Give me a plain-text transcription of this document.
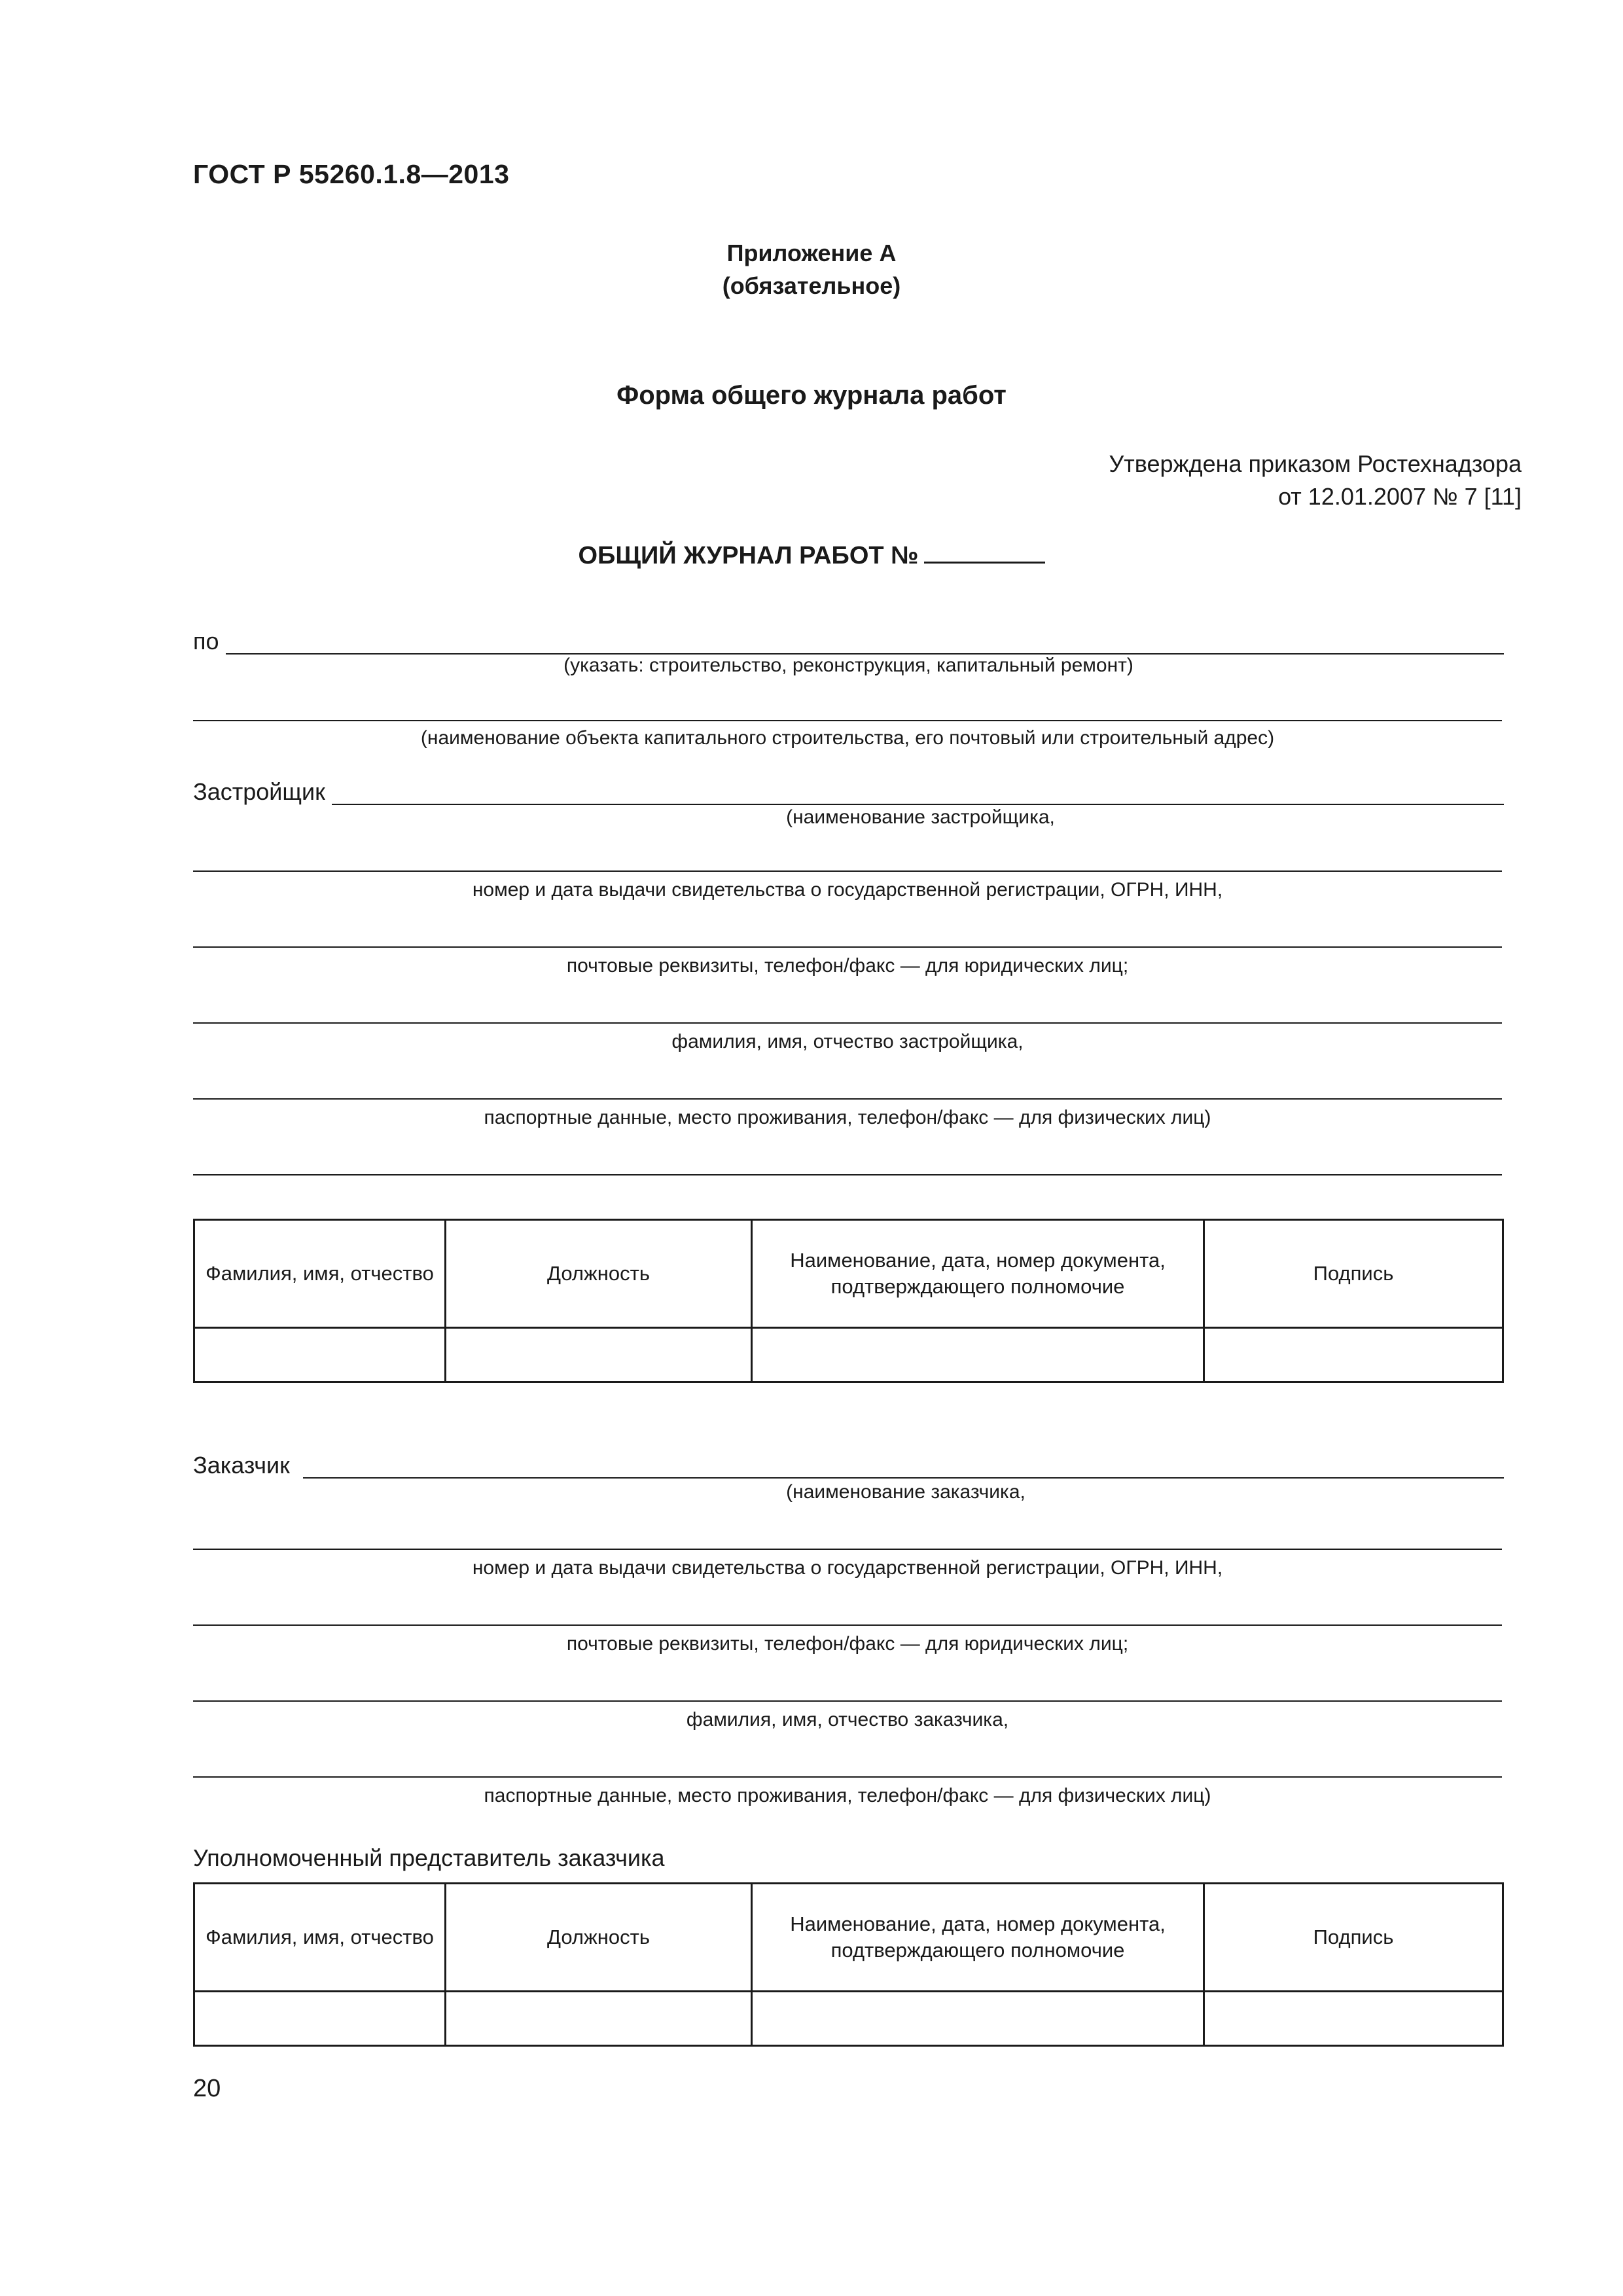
ГОСТ Р 55260.1.8—2013
Приложение А
(обязательное)
Форма общего журнала работ
Утверждена приказом Ростехнадзора
от 12.01.2007 № 7 [11]
ОБЩИЙ ЖУРНАЛ РАБОТ №
по
(указать: строительство, реконструкция, капитальный ремонт)
(наименование объекта капитального строительства, его почтовый или строительный адрес)
Застройщик
(наименование застройщика,
номер и дата выдачи свидетельства о государственной регистрации, ОГРН, ИНН,
почтовые реквизиты, телефон/факс — для юридических лиц;
фамилия, имя, отчество застройщика,
паспортные данные, место проживания, телефон/факс — для физических лиц)
Фамилия, имя, отчество	Должность	Наименование, дата, номер документа, подтверждающего полномочие	Подпись

Заказчик
(наименование заказчика,
номер и дата выдачи свидетельства о государственной регистрации, ОГРН, ИНН,
почтовые реквизиты, телефон/факс — для юридических лиц;
фамилия, имя, отчество заказчика,
паспортные данные, место проживания, телефон/факс — для физических лиц)
Уполномоченный представитель заказчика
Фамилия, имя, отчество	Должность	Наименование, дата, номер документа, подтверждающего полномочие	Подпись

20
